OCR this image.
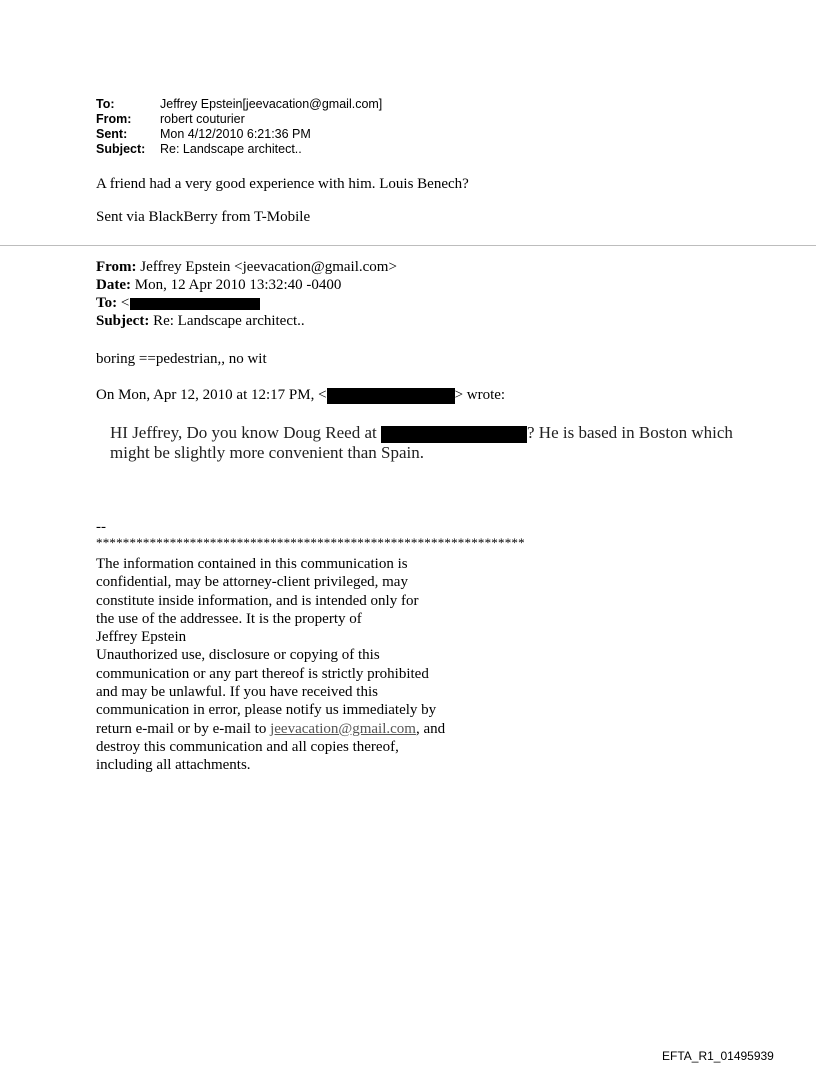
To:	Jeffrey Epstein[jeevacation@gmail.com]
From:	robert couturier
Sent:	Mon 4/12/2010 6:21:36 PM
Subject:	Re: Landscape architect..
A friend had a very good experience with him. Louis Benech?
Sent via BlackBerry from T-Mobile
From: Jeffrey Epstein <jeevacation@gmail.com>
Date: Mon, 12 Apr 2010 13:32:40 -0400
To: <
Subject: Re: Landscape architect..
boring ==pedestrian,, no wit
On Mon, Apr 12, 2010 at 12:17 PM, <	> wrote:
HI Jeffrey, Do you know Doug Reed at	? He is based in Boston which might be slightly more convenient than Spain.
--
****************************************************************
The information contained in this communication is
confidential, may be attorney-client privileged, may
constitute inside information, and is intended only for
the use of the addressee. It is the property of
Jeffrey Epstein
Unauthorized use, disclosure or copying of this
communication or any part thereof is strictly prohibited
and may be unlawful. If you have received this
communication in error, please notify us immediately by
return e-mail or by e-mail to jeevacation@gmail.com, and
destroy this communication and all copies thereof,
including all attachments.
EFTA_R1_01495939
